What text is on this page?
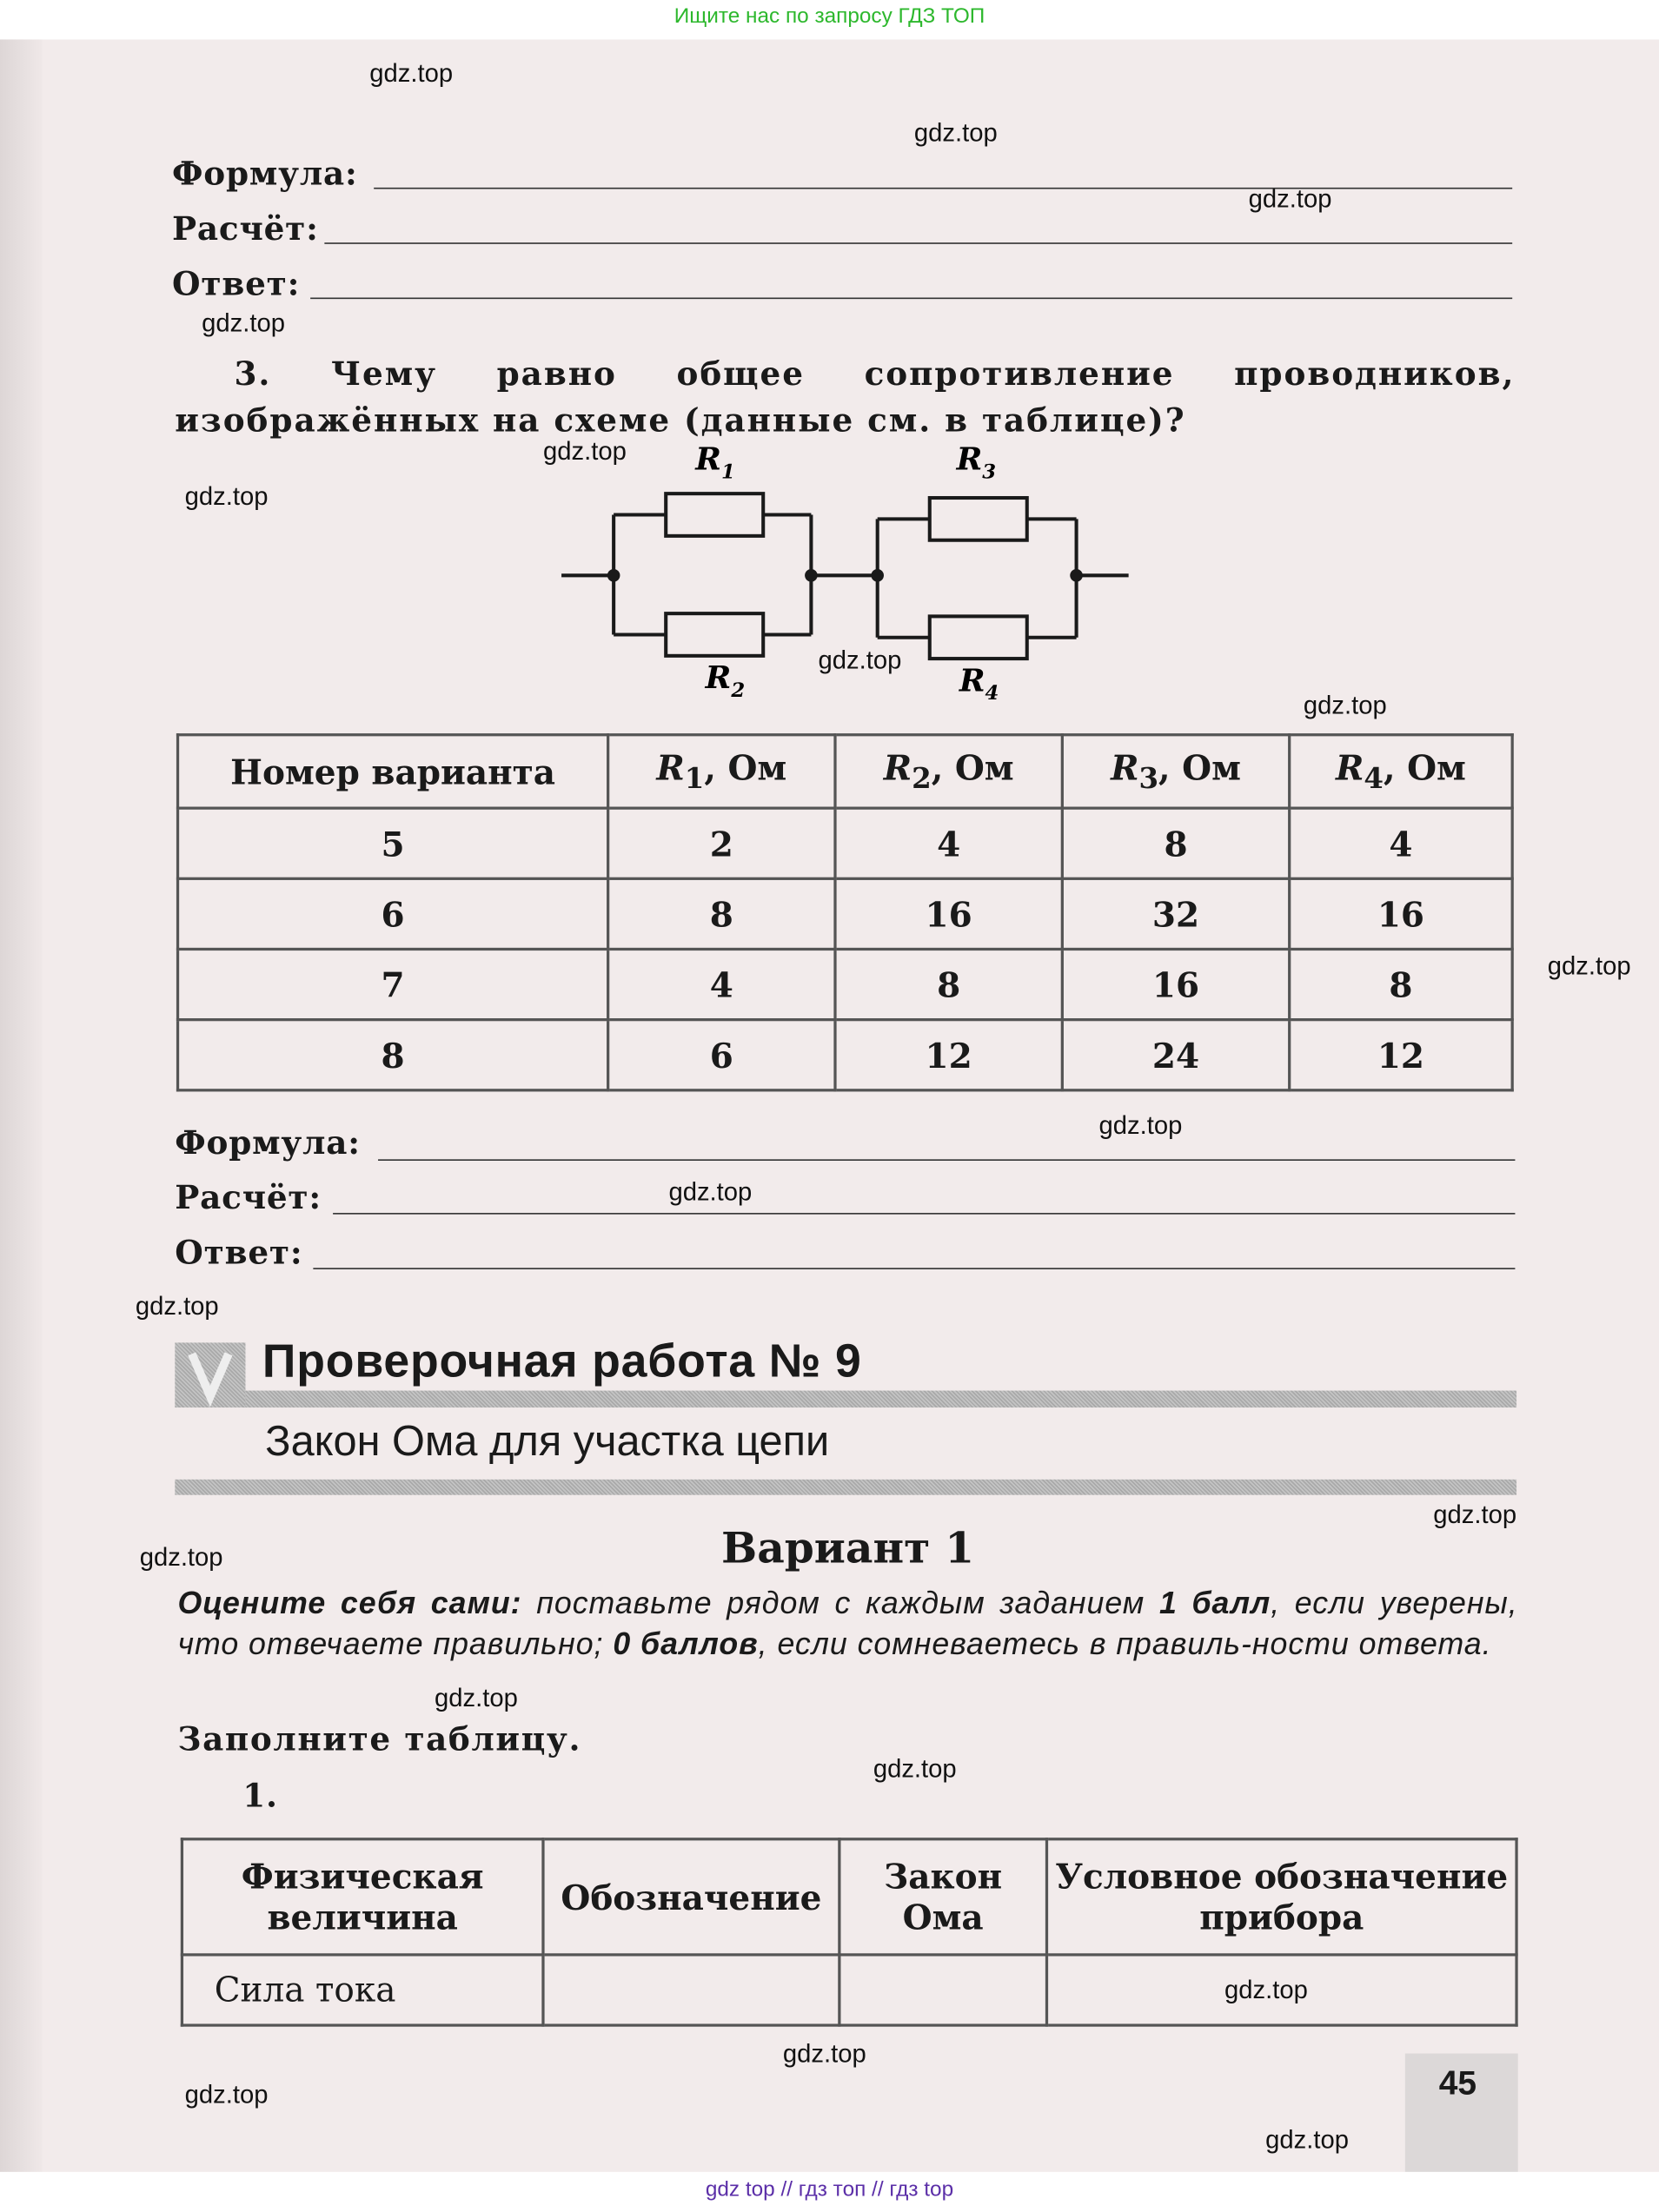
Ищите нас по запросу ГДЗ ТОП
gdz.top
gdz.top
gdz.top
gdz.top
gdz.top
gdz.top
gdz.top
gdz.top
gdz.top
gdz.top
gdz.top
gdz.top
gdz.top
gdz.top
gdz.top
gdz.top
gdz.top
gdz.top
gdz.top
gdz.top
Формула:
Расчёт:
Ответ:
3.	Чему равно общее сопротивление проводников, изображённых на схеме (данные см. в таблице)?
$R_1$
$R_2$
$R_3$
$R_4$
Номер варианта	$R_1$, Ом	$R_2$, Ом	$R_3$, Ом	$R_4$, Ом
5	2	4	8	4
6	8	16	32	16
7	4	8	16	8
8	6	12	24	12
Формула:
Расчёт:
Ответ:
Проверочная работа № 9
Закон Ома для участка цепи
Вариант 1
Оцените себя сами: поставьте рядом с каждым заданием 1 балл, если уверены, что отвечаете правильно; 0 баллов, если сомневаетесь в правиль-ности ответа.
Заполните таблицу.
1.
Физическая величина	Обозначение	Закон Ома	Условное обозначение прибора
Сила тока			
45
gdz top // гдз топ // гдз top
